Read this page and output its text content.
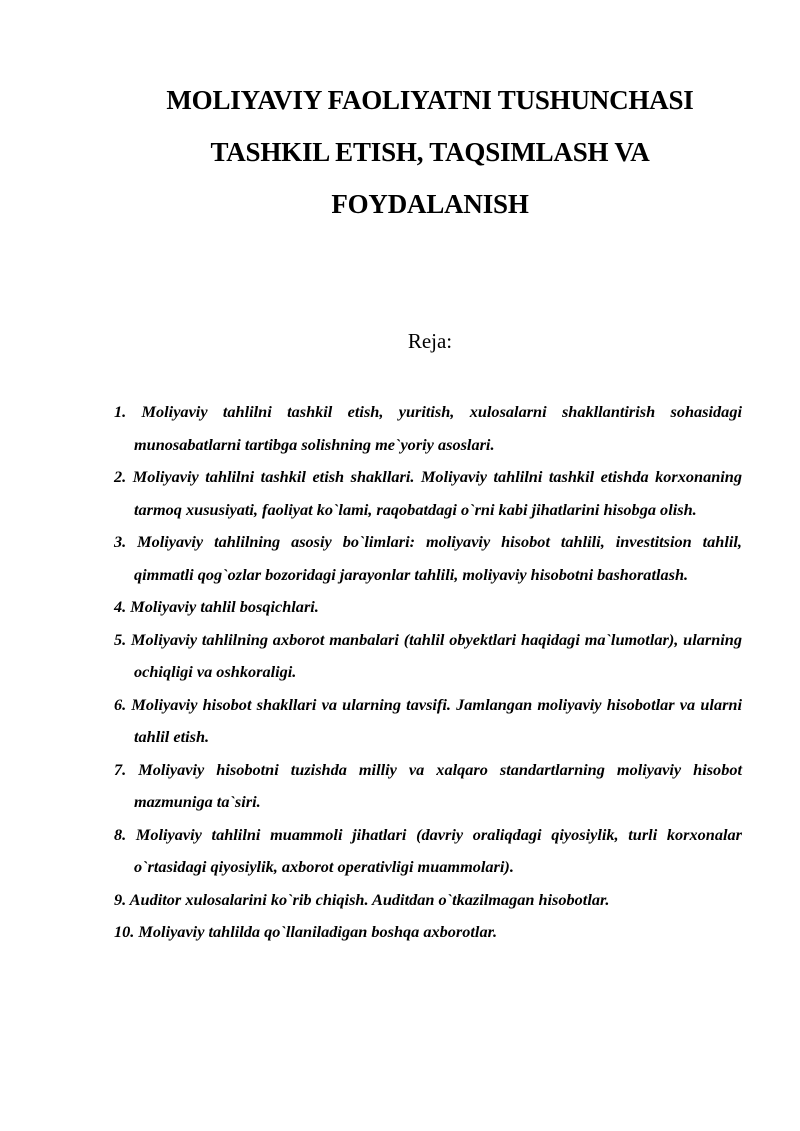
MOLIYAVIY FAOLIYATNI TUSHUNCHASI
TASHKIL ETISH, TAQSIMLASH VA
FOYDALANISH
Reja:
1. Moliyaviy tahlilni tashkil etish, yuritish, xulosalarni shakllantirish sohasidagi munosabatlarni tartibga solishning me`yoriy asoslari.
2. Moliyaviy tahlilni tashkil etish shakllari. Moliyaviy tahlilni tashkil etishda korxonaning tarmoq xususiyati, faoliyat ko`lami, raqobatdagi o`rni kabi jihatlarini hisobga olish.
3. Moliyaviy tahlilning asosiy bo`limlari: moliyaviy hisobot tahlili, investitsion tahlil, qimmatli qog`ozlar bozoridagi jarayonlar tahlili, moliyaviy hisobotni bashoratlash.
4. Moliyaviy tahlil bosqichlari.
5. Moliyaviy tahlilning axborot manbalari (tahlil obyektlari haqidagi ma`lumotlar), ularning ochiqligi va oshkoraligi.
6. Moliyaviy hisobot shakllari va ularning tavsifi. Jamlangan moliyaviy hisobotlar va ularni tahlil etish.
7. Moliyaviy hisobotni tuzishda milliy va xalqaro standartlarning moliyaviy hisobot mazmuniga ta`siri.
8. Moliyaviy tahlilni muammoli jihatlari (davriy oraliqdagi qiyosiylik, turli korxonalar o`rtasidagi qiyosiylik, axborot operativligi muammolari).
9. Auditor xulosalarini ko`rib chiqish. Auditdan o`tkazilmagan hisobotlar.
10. Moliyaviy tahlilda qo`llaniladigan boshqa axborotlar.
